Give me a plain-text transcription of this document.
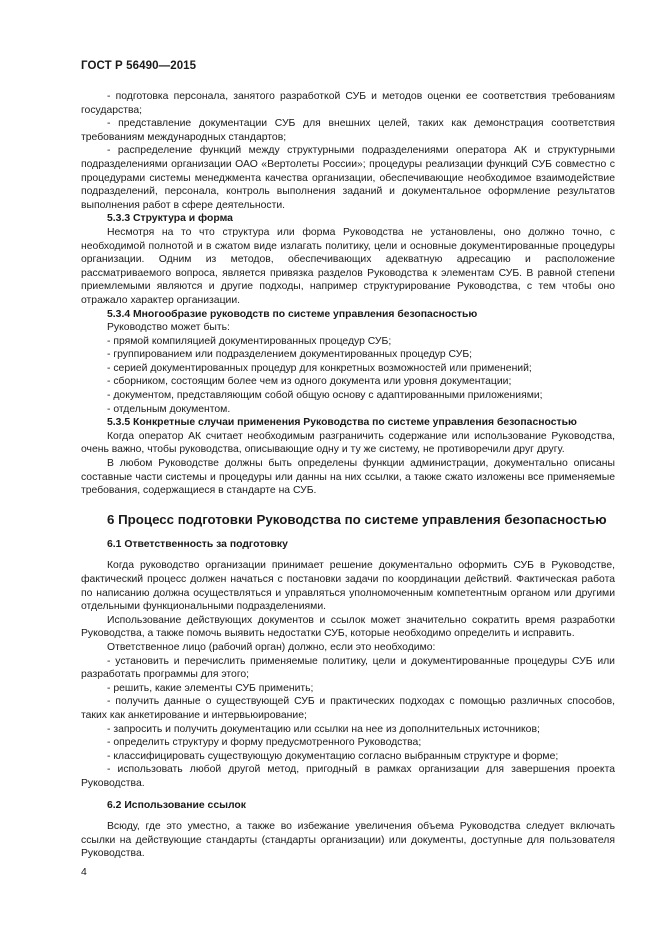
ГОСТ Р 56490—2015

- подготовка персонала, занятого разработкой СУБ и методов оценки ее соответствия требованиям государства;

- представление документации СУБ для внешних целей, таких как демонстрация соответствия требованиям международных стандартов;

- распределение функций между структурными подразделениями оператора АК и структурными подразделениями организации ОАО «Вертолеты России»; процедуры реализации функций СУБ совместно с процедурами системы менеджмента качества организации, обеспечивающие необходимое взаимодействие подразделений, персонала, контроль выполнения заданий и документальное оформление результатов выполнения работ в сфере деятельности.

5.3.3 Структура и форма

Несмотря на то что структура или форма Руководства не установлены, оно должно точно, с необходимой полнотой и в сжатом виде излагать политику, цели и основные документированные процедуры организации. Одним из методов, обеспечивающих адекватную адресацию и расположение рассматриваемого вопроса, является привязка разделов Руководства к элементам СУБ. В равной степени приемлемыми являются и другие подходы, например структурирование Руководства, с тем чтобы оно отражало характер организации.

5.3.4 Многообразие руководств по системе управления безопасностью

Руководство может быть:

- прямой компиляцией документированных процедур СУБ;

- группированием или подразделением документированных процедур СУБ;

- серией документированных процедур для конкретных возможностей или применений;

- сборником, состоящим более чем из одного документа или уровня документации;

- документом, представляющим собой общую основу с адаптированными приложениями;

- отдельным документом.

5.3.5 Конкретные случаи применения Руководства по системе управления безопасностью

Когда оператор АК считает необходимым разграничить содержание или использование Руководства, очень важно, чтобы руководства, описывающие одну и ту же систему, не противоречили друг другу.

В любом Руководстве должны быть определены функции администрации, документально описаны составные части системы и процедуры или данны на них ссылки, а также сжато изложены все применяемые требования, содержащиеся в стандарте на СУБ.

6 Процесс подготовки Руководства по системе управления безопасностью
6.1 Ответственность за подготовку

Когда руководство организации принимает решение документально оформить СУБ в Руководстве, фактический процесс должен начаться с постановки задачи по координации действий. Фактическая работа по написанию должна осуществляться и управляться уполномоченным компетентным органом или другими отдельными функциональными подразделениями.

Использование действующих документов и ссылок может значительно сократить время разработки Руководства, а также помочь выявить недостатки СУБ, которые необходимо определить и исправить.

Ответственное лицо (рабочий орган) должно, если это необходимо:

- установить и перечислить применяемые политику, цели и документированные процедуры СУБ или разработать программы для этого;

- решить, какие элементы СУБ применить;

- получить данные о существующей СУБ и практических подходах с помощью различных способов, таких как анкетирование и интервьюирование;

- запросить и получить документацию или ссылки на нее из дополнительных источников;

- определить структуру и форму предусмотренного Руководства;

- классифицировать существующую документацию согласно выбранным структуре и форме;

- использовать любой другой метод, пригодный в рамках организации для завершения проекта Руководства.

6.2 Использование ссылок

Всюду, где это уместно, а также во избежание увеличения объема Руководства следует включать ссылки на действующие стандарты (стандарты организации) или документы, доступные для пользователя Руководства.

4
